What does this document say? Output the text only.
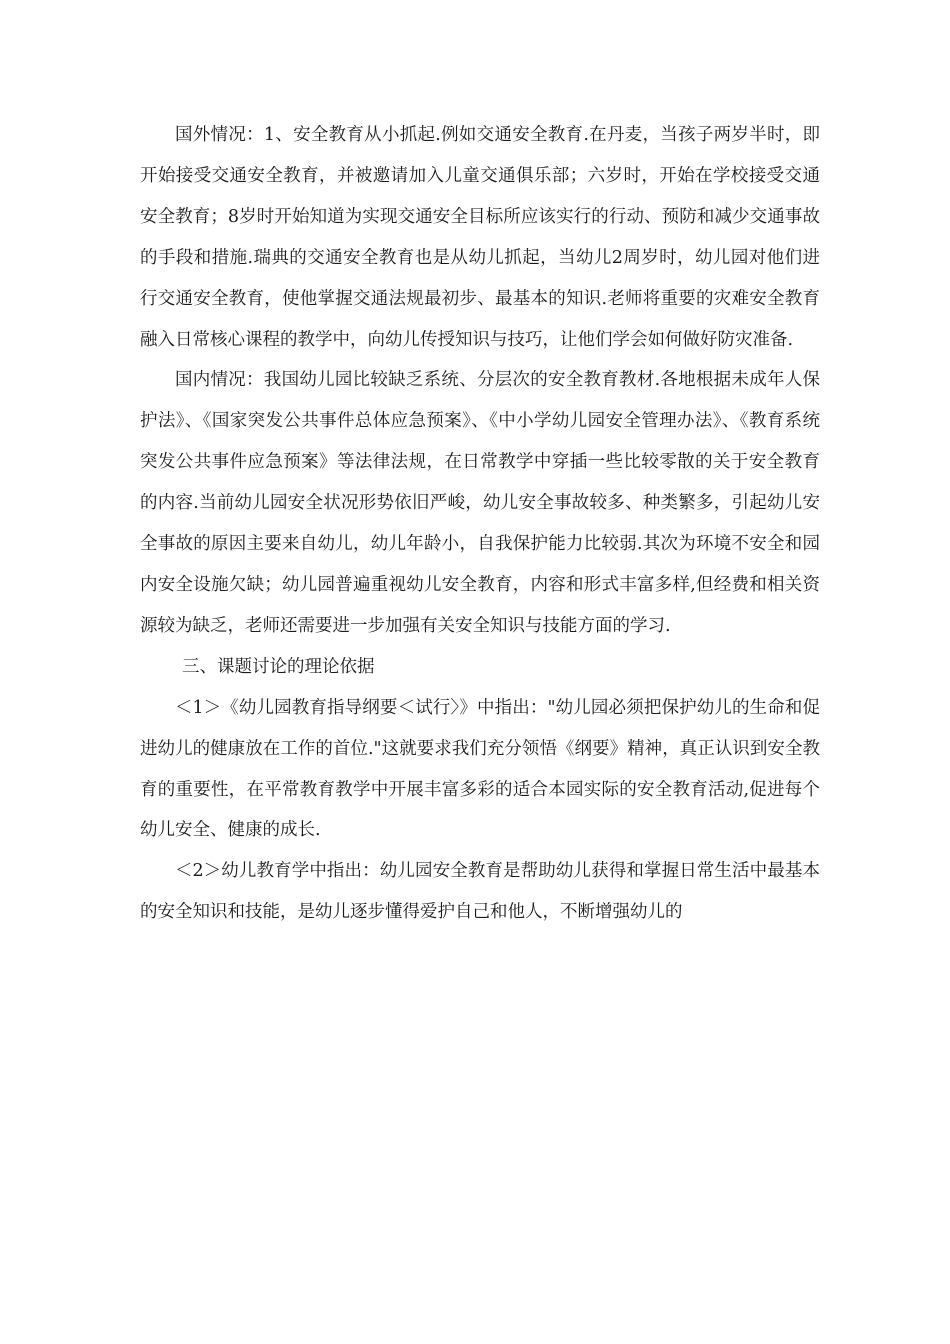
国外情况：1、安全教育从小抓起.例如交通安全教育.在丹麦，当孩子两岁半时，即开始接受交通安全教育，并被邀请加入儿童交通俱乐部；六岁时，开始在学校接受交通安全教育；8岁时开始知道为实现交通安全目标所应该实行的行动、预防和减少交通事故的手段和措施.瑞典的交通安全教育也是从幼儿抓起，当幼儿2周岁时，幼儿园对他们进行交通安全教育，使他掌握交通法规最初步、最基本的知识.老师将重要的灾难安全教育融入日常核心课程的教学中，向幼儿传授知识与技巧，让他们学会如何做好防灾准备.

国内情况：我国幼儿园比较缺乏系统、分层次的安全教育教材.各地根据未成年人保护法》、《国家突发公共事件总体应急预案》、《中小学幼儿园安全管理办法》、《教育系统突发公共事件应急预案》等法律法规，在日常教学中穿插一些比较零散的关于安全教育的内容.当前幼儿园安全状况形势依旧严峻，幼儿安全事故较多、种类繁多，引起幼儿安全事故的原因主要来自幼儿，幼儿年龄小，自我保护能力比较弱.其次为环境不安全和园内安全设施欠缺；幼儿园普遍重视幼儿安全教育，内容和形式丰富多样,但经费和相关资源较为缺乏，老师还需要进一步加强有关安全知识与技能方面的学习.

三、课题讨论的理论依据

＜1＞《幼儿园教育指导纲要＜试行〉》中指出："幼儿园必须把保护幼儿的生命和促进幼儿的健康放在工作的首位."这就要求我们充分领悟《纲要》精神，真正认识到安全教育的重要性，在平常教育教学中开展丰富多彩的适合本园实际的安全教育活动,促进每个幼儿安全、健康的成长.

＜2＞幼儿教育学中指出：幼儿园安全教育是帮助幼儿获得和掌握日常生活中最基本的安全知识和技能，是幼儿逐步懂得爱护自己和他人，不断增强幼儿的
